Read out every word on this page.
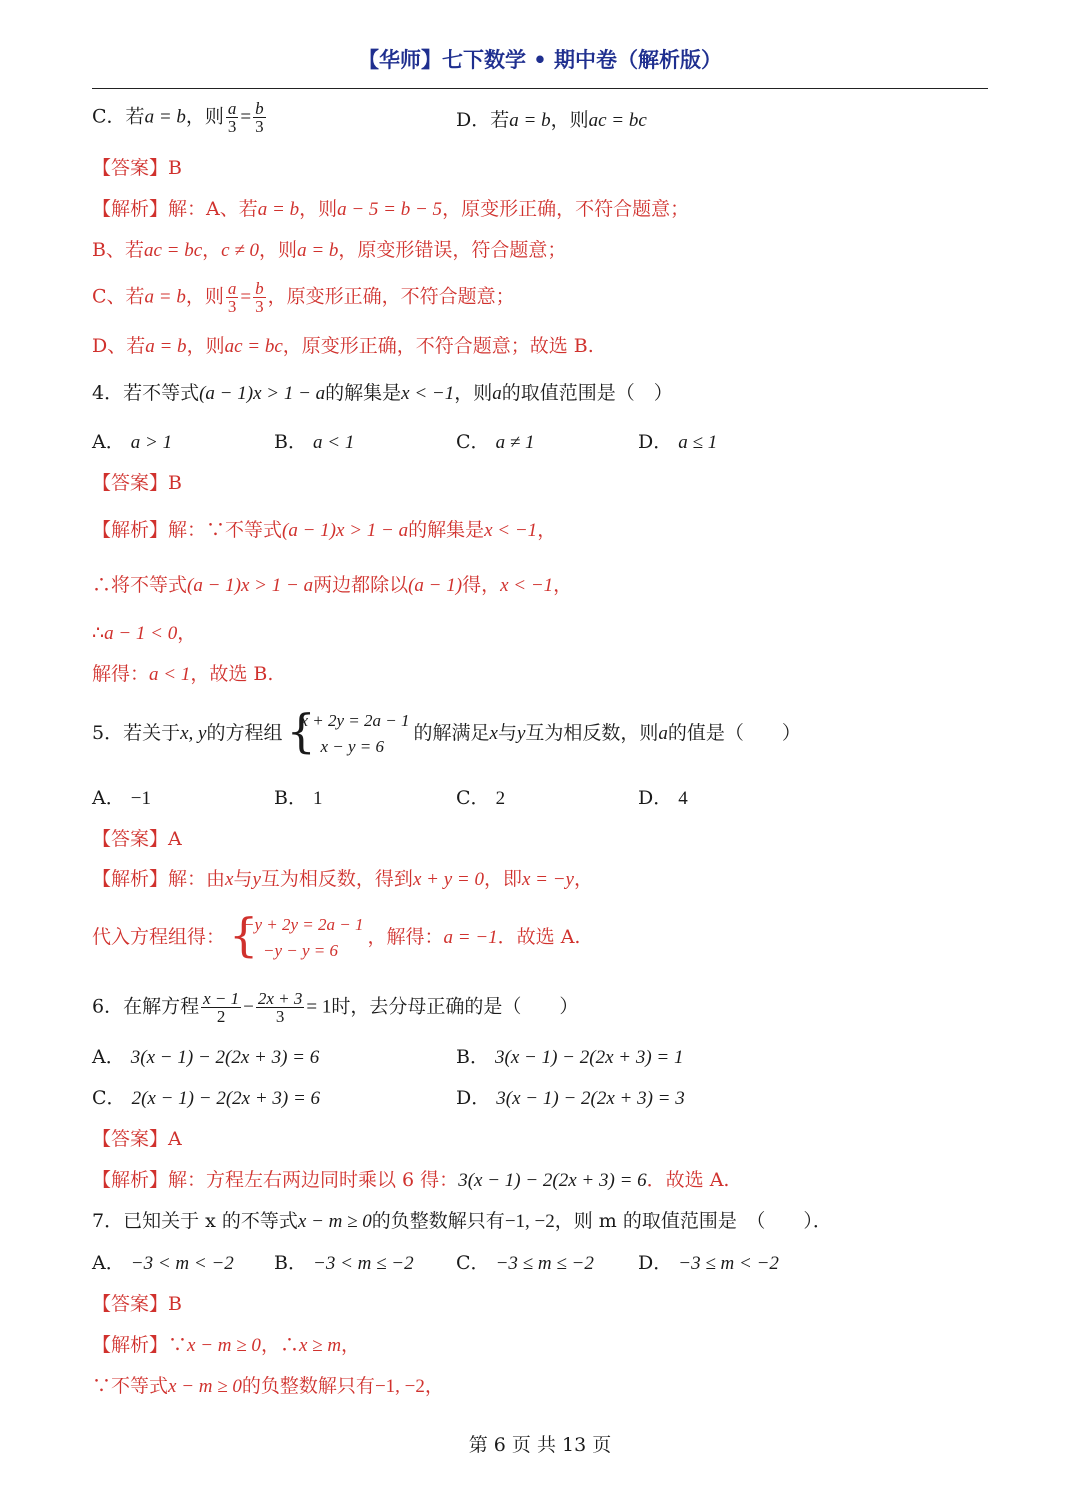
【华师】七下数学 • 期中卷（解析版）
C．若a = b，则 $\frac{a}{3} = \frac{b}{3}$	D．若a = b，则ac = bc
【答案】B
【解析】解：A、若a = b，则a − 5 = b − 5，原变形正确，不符合题意；
B、若ac = bc，c ≠ 0，则a = b，原变形错误，符合题意；
C、若a = b，则 $\frac{a}{3} = \frac{b}{3}$ ，原变形正确，不符合题意；
D、若a = b，则ac = bc，原变形正确，不符合题意；故选 B.
4．若不等式(a − 1)x > 1 − a的解集是x < −1，则a的取值范围是（　）
A． a > 1	B． a < 1	C． a ≠ 1	D． a ≤ 1
【答案】B
【解析】解：∵不等式(a − 1)x > 1 − a的解集是x < −1，
∴将不等式(a − 1)x > 1 − a两边都除以(a − 1)得，x < −1，
∴a − 1 < 0，
解得：a < 1，故选 B.
5．若关于x, y的方程组 {
x + 2y = 2a − 1
x − y = 6
的解满足x与y互为相反数，则a的值是（　　）
A． −1	B． 1	C． 2	D． 4
【答案】A
【解析】解：由x与y互为相反数，得到x + y = 0，即x = −y，
代入方程组得： {
−y + 2y = 2a − 1
−y − y = 6
，解得：a = −1．故选 A.
6．在解方程 $\frac{x - 1}{2} - \frac{2x + 3}{3} = 1$时，去分母正确的是（　　）
A． 3(x − 1) − 2(2x + 3) = 6	B． 3(x − 1) − 2(2x + 3) = 1
C． 2(x − 1) − 2(2x + 3) = 6	D． 3(x − 1) − 2(2x + 3) = 3
【答案】A
【解析】解：方程左右两边同时乘以 6 得：3(x − 1) − 2(2x + 3) = 6．故选 A.
7．已知关于 x 的不等式x − m ≥ 0的负整数解只有−1, −2，则 m 的取值范围是　（　　）．
A． −3 < m < −2 B． −3 < m ≤ −2 C． −3 ≤ m ≤ −2 D． −3 ≤ m < −2
【答案】B
【解析】∵x − m ≥ 0，∴x ≥ m，
∵不等式x − m ≥ 0的负整数解只有−1, −2，
第 6 页 共 13 页
